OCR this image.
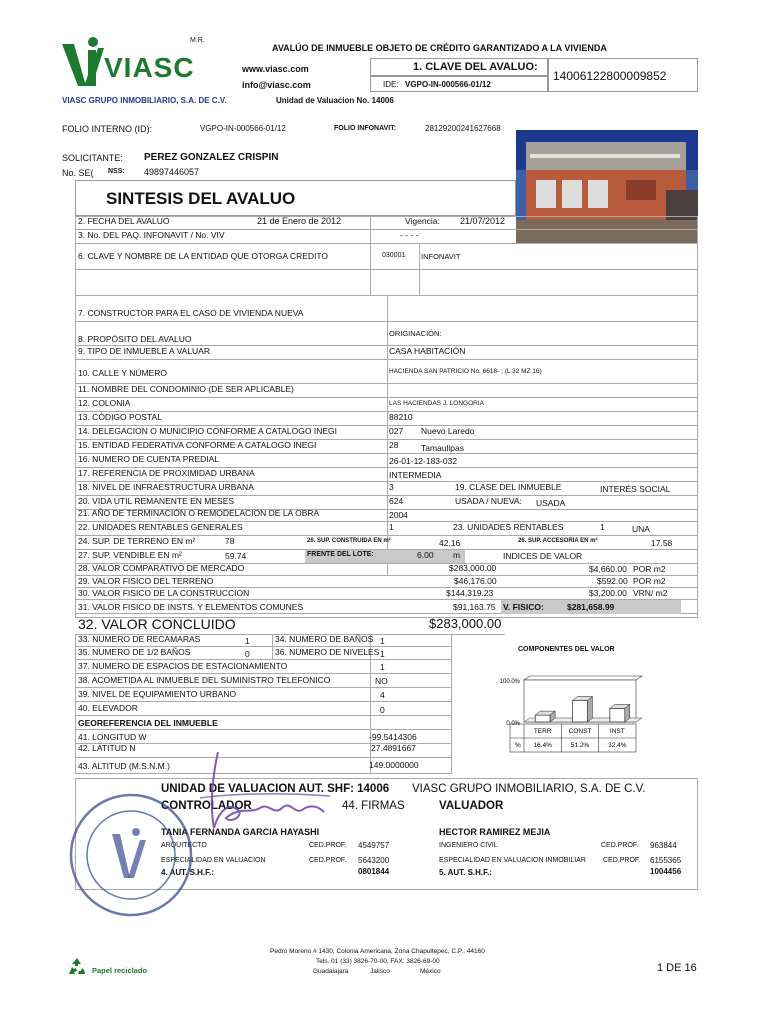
VIASC
M.R.
VIASC GRUPO INMOBILIARIO, S.A. DE C.V.
AVALÚO DE INMUEBLE OBJETO DE CRÉDITO GARANTIZADO A LA VIVIENDA
www.viasc.com
info@viasc.com
Unidad de Valuacion No. 14006
1. CLAVE DEL AVALUO:
14006122800009852
IDE: VGPO-IN-000566-01/12
FOLIO INTERNO (ID):	VGPO-IN-000566-01/12	FOLIO INFONAVIT:	28129200241627668
SOLICITANTE: PEREZ GONZALEZ CRISPIN
No. SE( NSS: 49897446057
SINTESIS DEL AVALUO
2. FECHA DEL AVALUO	21 de Enero de 2012	Vigencia: 21/07/2012
3. No. DEL PAQ. INFONAVIT / No. VIV	- - - -
6. CLAVE Y NOMBRE DE LA ENTIDAD QUE OTORGA CREDITO	030001 INFONAVIT
7. CONSTRUCTOR PARA EL CASO DE VIVIENDA NUEVA
8. PROPÓSITO DEL AVALUO
ORIGINACIÓN:
9. TIPO DE INMUEBLE A VALUAR	CASA HABITACIÓN
10. CALLE Y NÚMERO	HACIENDA SAN PATRICIO No. 6618- ; (L 32 MZ 16)
11. NOMBRE DEL CONDOMINIO (DE SER APLICABLE)
12. COLONIA	LAS HACIENDAS J. LONGORIA
13. CÓDIGO POSTAL	88210
14. DELEGACION O MUNICIPIO CONFORME A CATALOGO INEGI	027 Nuevo Laredo
15. ENTIDAD FEDERATIVA CONFORME A CATALOGO INEGI	28	Tamaulipas
16. NUMERO DE CUENTA PREDIAL	26-01-12-183-032
17. REFERENCIA DE PROXIMIDAD URBANA	INTERMEDIA
18. NIVEL DE INFRAESTRUCTURA URBANA	3	19. CLASE DEL INMUEBLE	INTERÉS SOCIAL
20. VIDA UTIL REMANENTE EN MESES	624	USADA / NUEVA: USADA
21. AÑO DE TERMINACIÓN O REMODELACION DE LA OBRA	2004
22. UNIDADES RENTABLES GENERALES	1	23. UNIDADES RENTABLES	1	UNA
24. SUP. DE TERRENO EN m²	78	26. SUP. CONSTRUIDA EN m²	42.16	26. SUP. ACCESORIA EN m²	17.58
27. SUP. VENDIBLE EN m²	59.74	FRENTE DEL LOTE:	6.00 m	INDICES DE VALOR
28. VALOR COMPARATIVO DE MERCADO	$283,000.00	$4,660.00 POR m2
29. VALOR FISICO DEL TERRENO	$46,176.00	$592.00 POR m2
30. VALOR FISICO DE LA CONSTRUCCION	$144,319.23	$3,200.00 VRN/ m2
31. VALOR FISICO DE INSTS. Y ELEMENTOS COMUNES	$91,163.75 V. FISICO:	$281,658.99
32. VALOR CONCLUIDO	$283,000.00
33. NUMERO DE RECAMARAS	1	34. NUMERO DE BAÑOS 1
35. NUMERO DE 1/2 BAÑOS	0	36. NUMERO DE NIVELES 1
37. NUMERO DE ESPACIOS DE ESTACIONAMIENTO	1
38. ACOMETIDA AL INMUEBLE DEL SUMINISTRO TELEFONICO	NO
39. NIVEL DE EQUIPAMIENTO URBANO	4
40. ELEVADOR	0
GEOREFERENCIA DEL INMUEBLE
41. LONGITUD W	-99.5414306
42. LATITUD N	27.4891667
43. ALTITUD (M.S.N.M.)	149.0000000
COMPONENTES DEL VALOR
100.0%
0.0%
TERR
16.4%
CONST
51.2%
INST
32.4%
%
UNIDAD DE VALUACION AUT. SHF: 14006 VIASC GRUPO INMOBILIARIO, S.A. DE C.V.
CONTROLADOR	44. FIRMAS	VALUADOR
TANIA FERNANDA GARCIA HAYASHI
ARQUITECTO	CED.PROF. 4549757
ESPECIALIDAD EN VALUACION	CED.PROF. 5643200
4. AUT. S.H.F.:	0801844
HECTOR RAMIREZ MEJIA
INGENIERO CIVIL	CED.PROF. 963844
ESPECIALIDAD EN VALUACION INMOBILIAR CED.PROF. 6155365
5. AUT. S.H.F.:	1004456
Pedro Moreno # 1430, Colonia Americana, Zona Chapultepec, C.P.: 44160
Tels. 01 (33) 3826-70-00, FAX: 3826-69-00
Guadalajara	Jalisco	México
Papel reciclado	1 DE 16
